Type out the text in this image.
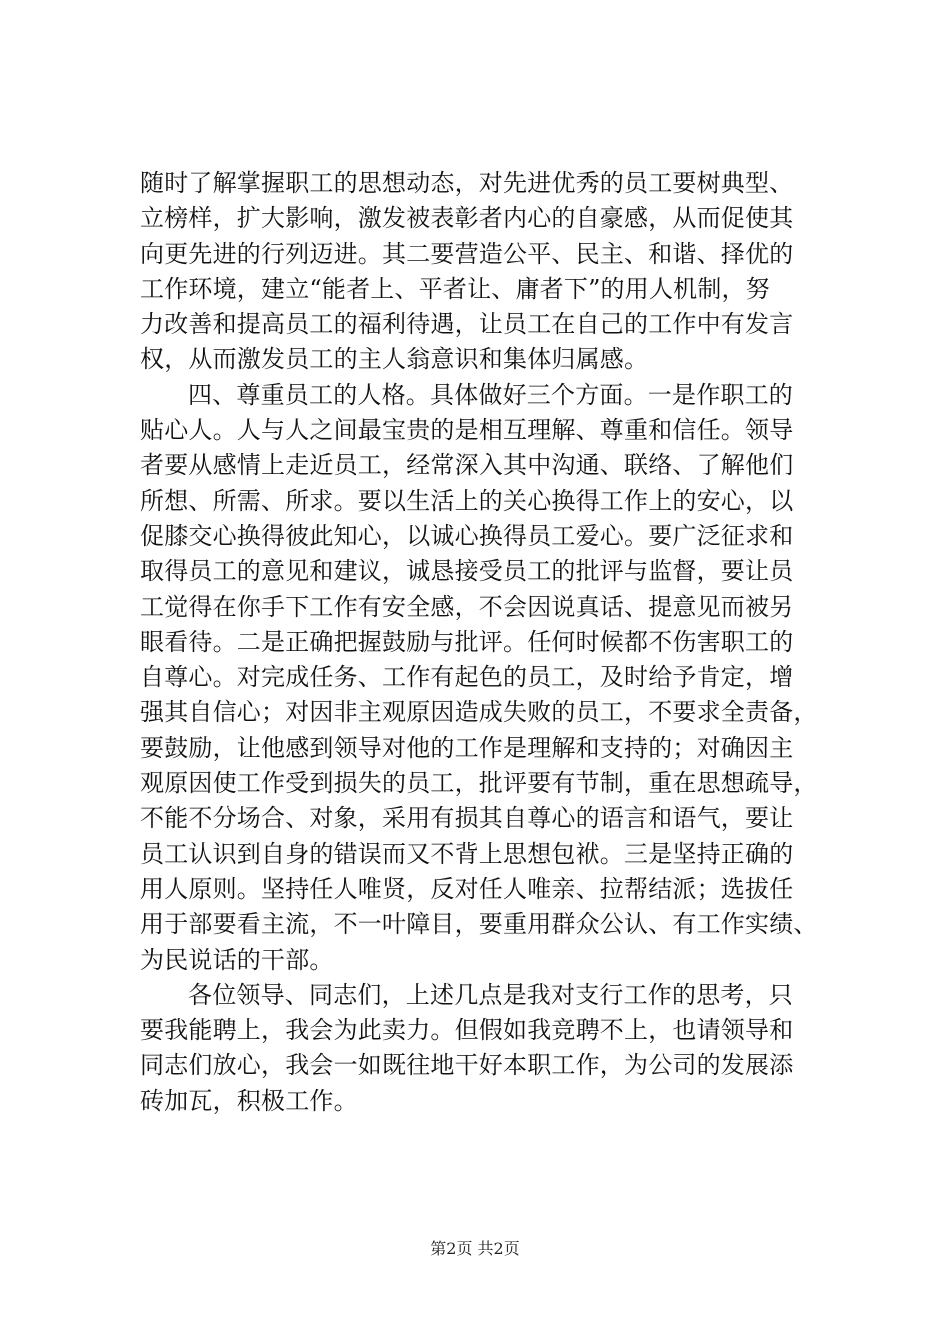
随时了解掌握职工的思想动态，对先进优秀的员工要树典型、
立榜样，扩大影响，激发被表彰者内心的自豪感，从而促使其
向更先进的行列迈进。其二要营造公平、民主、和谐、择优的
工作环境，建立“能者上、平者让、庸者下”的用人机制，努
力改善和提高员工的福利待遇，让员工在自己的工作中有发言
权，从而激发员工的主人翁意识和集体归属感。
四、尊重员工的人格。具体做好三个方面。一是作职工的
贴心人。人与人之间最宝贵的是相互理解、尊重和信任。领导
者要从感情上走近员工，经常深入其中沟通、联络、了解他们
所想、所需、所求。要以生活上的关心换得工作上的安心，以
促膝交心换得彼此知心，以诚心换得员工爱心。要广泛征求和
取得员工的意见和建议，诚恳接受员工的批评与监督，要让员
工觉得在你手下工作有安全感，不会因说真话、提意见而被另
眼看待。二是正确把握鼓励与批评。任何时候都不伤害职工的
自尊心。对完成任务、工作有起色的员工，及时给予肯定，增
强其自信心；对因非主观原因造成失败的员工，不要求全责备，
要鼓励，让他感到领导对他的工作是理解和支持的；对确因主
观原因使工作受到损失的员工，批评要有节制，重在思想疏导，
不能不分场合、对象，采用有损其自尊心的语言和语气，要让
员工认识到自身的错误而又不背上思想包袱。三是坚持正确的
用人原则。坚持任人唯贤，反对任人唯亲、拉帮结派；选拔任
用于部要看主流，不一叶障目，要重用群众公认、有工作实绩、
为民说话的干部。
各位领导、同志们，上述几点是我对支行工作的思考，只
要我能聘上，我会为此卖力。但假如我竞聘不上，也请领导和
同志们放心，我会一如既往地干好本职工作，为公司的发展添
砖加瓦，积极工作。
第2页 共2页
